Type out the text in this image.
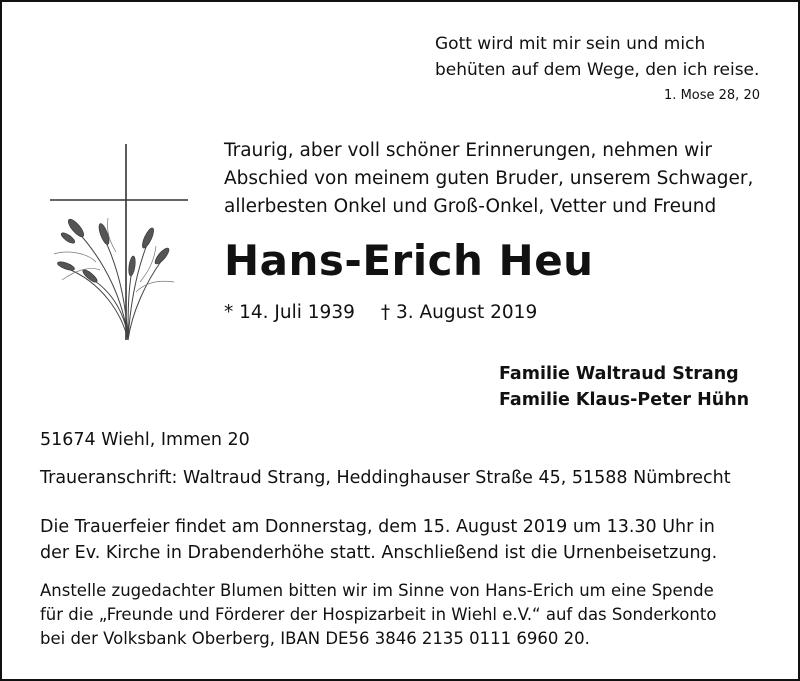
Gott wird mit mir sein und mich
behüten auf dem Wege, den ich reise.
1. Mose 28, 20
Traurig, aber voll schöner Erinnerungen, nehmen wir
Abschied von meinem guten Bruder, unserem Schwager,
allerbesten Onkel und Groß-Onkel, Vetter und Freund
Hans-Erich Heu
* 14. Juli 1939 † 3. August 2019
Familie Waltraud Strang
Familie Klaus-Peter Hühn
51674 Wiehl, Immen 20
Traueranschrift: Waltraud Strang, Heddinghauser Straße 45, 51588 Nümbrecht
Die Trauerfeier findet am Donnerstag, dem 15. August 2019 um 13.30 Uhr in
der Ev. Kirche in Drabenderhöhe statt. Anschließend ist die Urnenbeisetzung.
Anstelle zugedachter Blumen bitten wir im Sinne von Hans-Erich um eine Spende
für die „Freunde und Förderer der Hospizarbeit in Wiehl e.V.“ auf das Sonderkonto
bei der Volksbank Oberberg, IBAN DE56 3846 2135 0111 6960 20.
